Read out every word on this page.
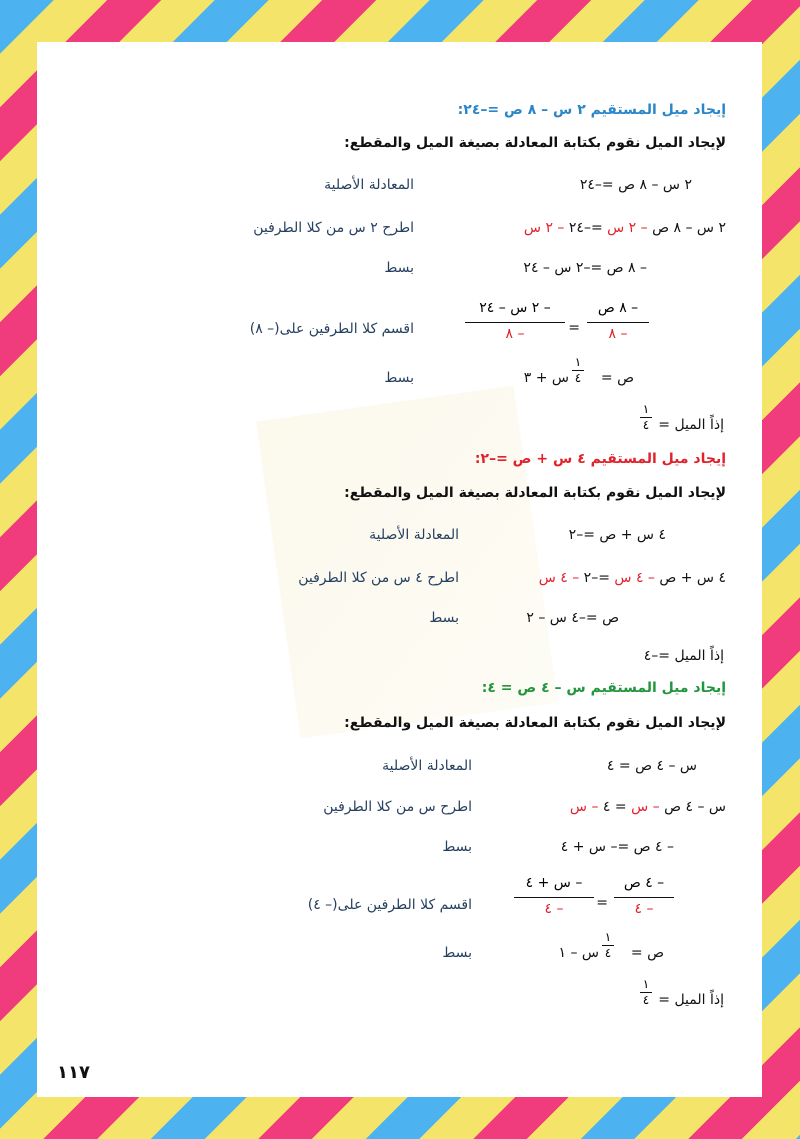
إيجاد ميل المستقيم ٢ س – ٨ ص =–٢٤:
لإيجاد الميل نقوم بكتابة المعادلة بصيغة الميل والمقطع:
٢ س – ٨ ص =–٢٤
المعادلة الأصلية
٢ س – ٨ ص – ٢ س =–٢٤ – ٢ س
اطرح ٢ س من كلا الطرفين
– ٨ ص =–٢ س – ٢٤
بسط
– ٨ ص
– ٨
=
– ٢ س – ٢٤
– ٨
اقسم كلا الطرفين على(– ٨)
ص =
١
٤
س + ٣
بسط
إذاً الميل =
١
٤
إيجاد ميل المستقيم ٤ س + ص =–٢:
لإيجاد الميل نقوم بكتابة المعادلة بصيغة الميل والمقطع:
٤ س + ص =–٢
المعادلة الأصلية
٤ س + ص – ٤ س =–٢ – ٤ س
اطرح ٤ س من كلا الطرفين
ص =–٤ س – ٢
بسط
إذاً الميل =–٤
إيجاد ميل المستقيم س – ٤ ص = ٤:
لإيجاد الميل نقوم بكتابة المعادلة بصيغة الميل والمقطع:
س – ٤ ص = ٤
المعادلة الأصلية
س – ٤ ص – س = ٤ – س
اطرح س من كلا الطرفين
– ٤ ص =– س + ٤
بسط
– ٤ ص
– ٤
=
– س + ٤
– ٤
اقسم كلا الطرفين على(– ٤)
ص =
١
٤
س – ١
بسط
إذاً الميل =
١
٤
١١٧
